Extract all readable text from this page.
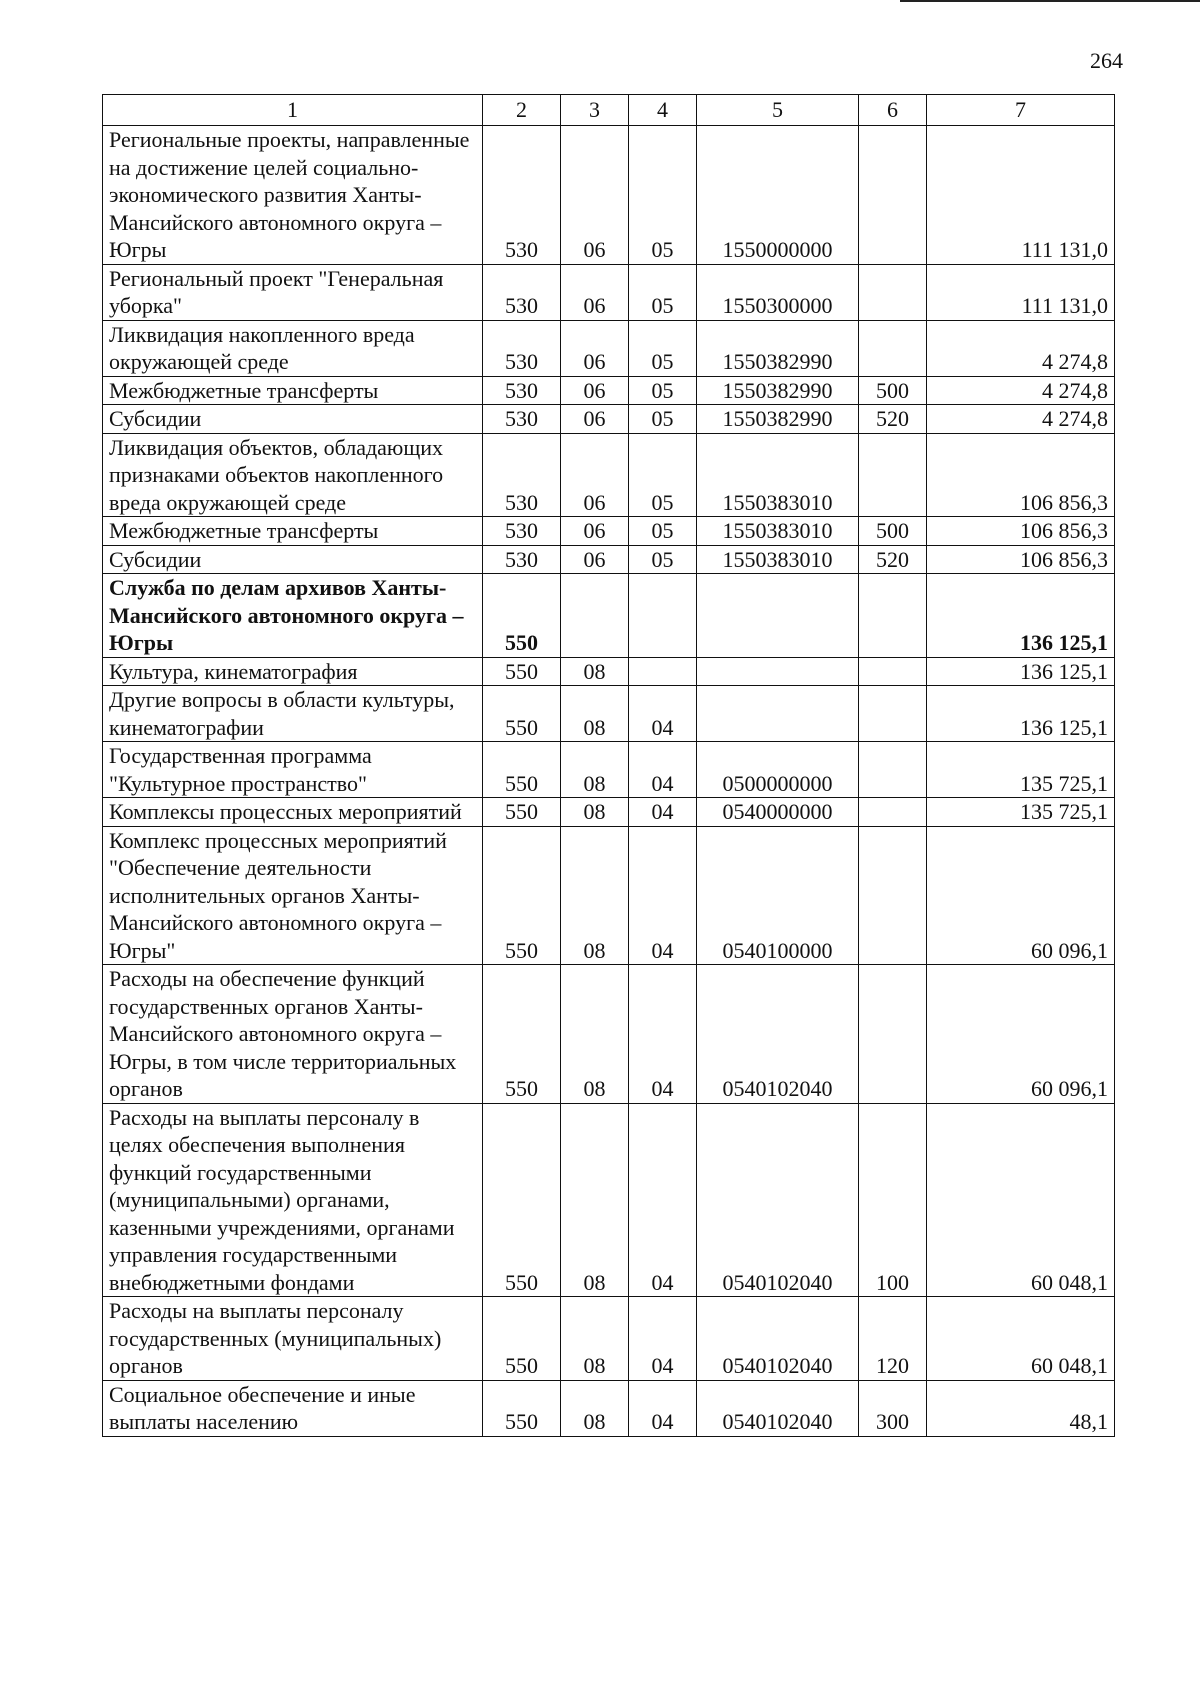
264
1	2	3	4	5	6	7
Региональные проекты, направленные на достижение целей социально-экономического развития Ханты-Мансийского автономного округа – Югры	530	06	05	1550000000		111 131,0
Региональный проект "Генеральная уборка"	530	06	05	1550300000		111 131,0
Ликвидация накопленного вреда окружающей среде	530	06	05	1550382990		4 274,8
Межбюджетные трансферты	530	06	05	1550382990	500	4 274,8
Субсидии	530	06	05	1550382990	520	4 274,8
Ликвидация объектов, обладающих признаками объектов накопленного вреда окружающей среде	530	06	05	1550383010		106 856,3
Межбюджетные трансферты	530	06	05	1550383010	500	106 856,3
Субсидии	530	06	05	1550383010	520	106 856,3
Служба по делам архивов Ханты-Мансийского автономного округа – Югры	550					136 125,1
Культура, кинематография	550	08				136 125,1
Другие вопросы в области культуры, кинематографии	550	08	04			136 125,1
Государственная программа "Культурное пространство"	550	08	04	0500000000		135 725,1
Комплексы процессных мероприятий	550	08	04	0540000000		135 725,1
Комплекс процессных мероприятий "Обеспечение деятельности исполнительных органов Ханты-Мансийского автономного округа – Югры"	550	08	04	0540100000		60 096,1
Расходы на обеспечение функций государственных органов Ханты-Мансийского автономного округа – Югры, в том числе территориальных органов	550	08	04	0540102040		60 096,1
Расходы на выплаты персоналу в целях обеспечения выполнения функций государственными (муниципальными) органами, казенными учреждениями, органами управления государственными внебюджетными фондами	550	08	04	0540102040	100	60 048,1
Расходы на выплаты персоналу государственных (муниципальных) органов	550	08	04	0540102040	120	60 048,1
Социальное обеспечение и иные выплаты населению	550	08	04	0540102040	300	48,1
